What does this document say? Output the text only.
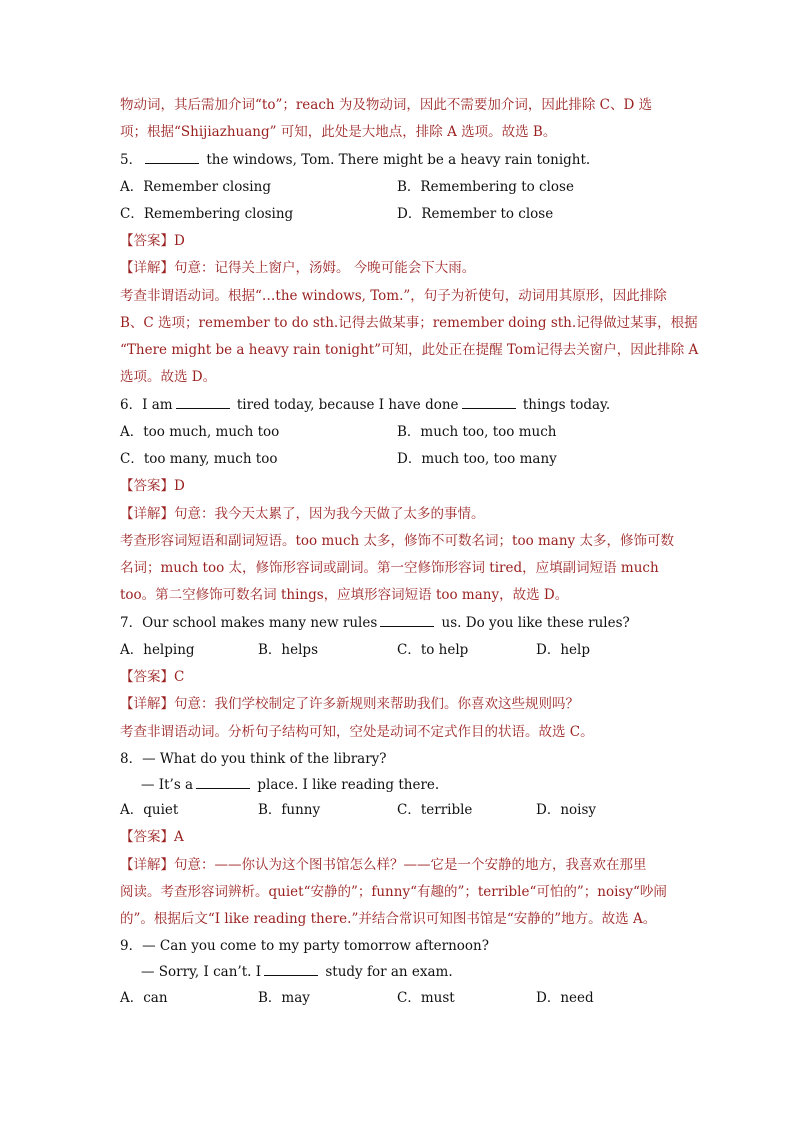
物动词，其后需加介词“to”；reach 为及物动词，因此不需要加介词，因此排除 C、D 选
项；根据“Shijiazhuang” 可知，此处是大地点，排除 A 选项。故选 B。
5．	the windows, Tom. There might be a heavy rain tonight.
A．Remember closing	B．Remembering to close
C．Remembering closing	D．Remember to close
【答案】D
【详解】句意：记得关上窗户，汤姆。 今晚可能会下大雨。
考查非谓语动词。根据“…the windows, Tom.”，句子为祈使句，动词用其原形，因此排除
B、C 选项；remember to do sth.记得去做某事；remember doing sth.记得做过某事，根据
“There might be a heavy rain tonight”可知，此处正在提醒 Tom记得去关窗户，因此排除 A
选项。故选 D。
6．I am	tired today, because I have done	things today.
A．too much, much too	B．much too, too much
C．too many, much too	D．much too, too many
【答案】D
【详解】句意：我今天太累了，因为我今天做了太多的事情。
考查形容词短语和副词短语。too much 太多，修饰不可数名词；too many 太多，修饰可数
名词；much too 太，修饰形容词或副词。第一空修饰形容词 tired，应填副词短语 much
too。第二空修饰可数名词 things，应填形容词短语 too many，故选 D。
7．Our school makes many new rules	us. Do you like these rules?
A．helping	B．helps	C．to help	D．help
【答案】C
【详解】句意：我们学校制定了许多新规则来帮助我们。你喜欢这些规则吗？
考查非谓语动词。分析句子结构可知，空处是动词不定式作目的状语。故选 C。
8．— What do you think of the library?
— It’s a	place. I like reading there.
A．quiet	B．funny	C．terrible	D．noisy
【答案】A
【详解】句意：——你认为这个图书馆怎么样？——它是一个安静的地方，我喜欢在那里
阅读。考查形容词辨析。quiet“安静的”；funny“有趣的”；terrible“可怕的”；noisy“吵闹
的”。根据后文“I like reading there.”并结合常识可知图书馆是“安静的”地方。故选 A。
9．— Can you come to my party tomorrow afternoon?
— Sorry, I can’t. I	study for an exam.
A．can	B．may	C．must	D．need
